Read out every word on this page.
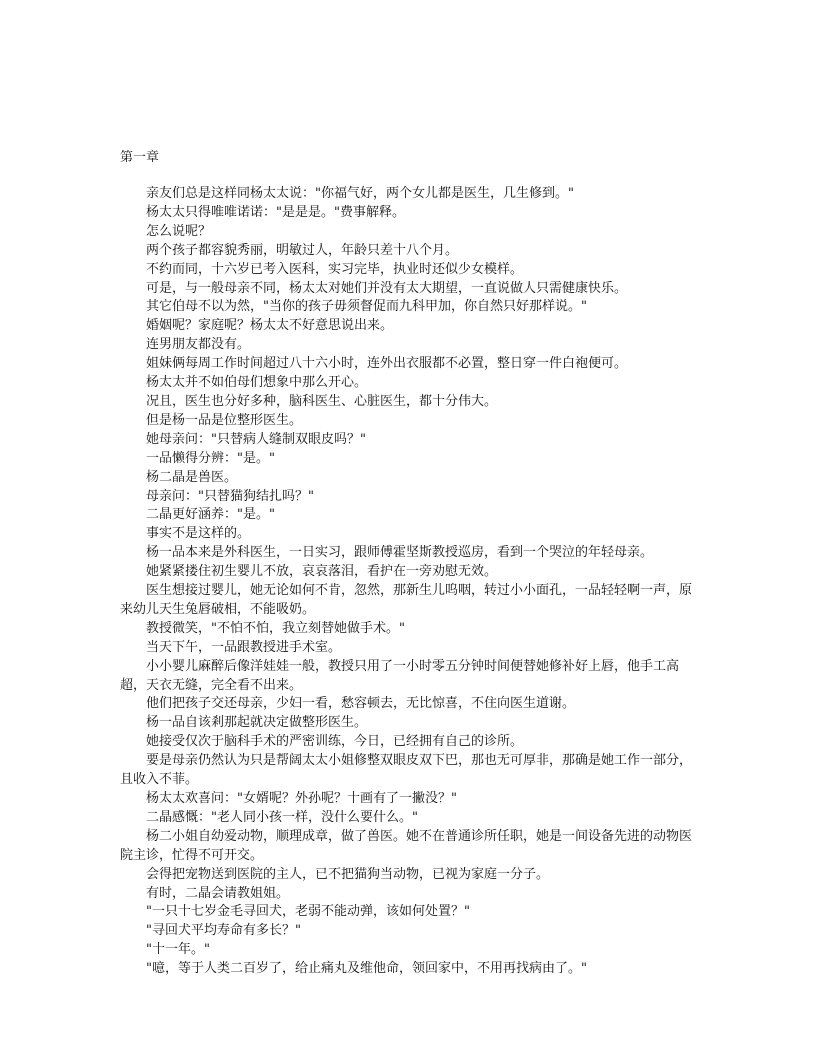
第一章

亲友们总是这样同杨太太说："你福气好，两个女儿都是医生，几生修到。"

杨太太只得唯唯诺诺："是是是。"费事解释。

怎么说呢？

两个孩子都容貌秀丽，明敏过人，年龄只差十八个月。

不约而同，十六岁已考入医科，实习完毕，执业时还似少女模样。

可是，与一般母亲不同，杨太太对她们并没有太大期望，一直说做人只需健康快乐。

其它伯母不以为然，"当你的孩子毋须督促而九科甲加，你自然只好那样说。"

婚姻呢？家庭呢？杨太太不好意思说出来。

连男朋友都没有。

姐妹俩每周工作时间超过八十六小时，连外出衣服都不必置，整日穿一件白袍便可。

杨太太并不如伯母们想象中那么开心。

况且，医生也分好多种，脑科医生、心脏医生，都十分伟大。

但是杨一品是位整形医生。

她母亲问："只替病人缝制双眼皮吗？"

一品懒得分辨："是。"

杨二晶是兽医。

母亲问："只替猫狗结扎吗？"

二晶更好涵养："是。"

事实不是这样的。

杨一品本来是外科医生，一日实习，跟师傅霍坚斯教授巡房，看到一个哭泣的年轻母亲。

她紧紧搂住初生婴儿不放，哀哀落泪，看护在一旁劝慰无效。

医生想接过婴儿，她无论如何不肯，忽然，那新生儿呜咽，转过小小面孔，一品轻轻啊一声，原来幼儿天生兔唇破相，不能吸奶。

教授微笑，"不怕不怕，我立刻替她做手术。"

当天下午，一品跟教授进手术室。

小小婴儿麻醉后像洋娃娃一般，教授只用了一小时零五分钟时间便替她修补好上唇，他手工高超，天衣无缝，完全看不出来。

他们把孩子交还母亲，少妇一看，愁容顿去，无比惊喜，不住向医生道谢。

杨一品自该剎那起就决定做整形医生。

她接受仅次于脑科手术的严密训练，今日，已经拥有自己的诊所。

要是母亲仍然认为只是帮阔太太小姐修整双眼皮双下巴，那也无可厚非，那确是她工作一部分，且收入不菲。

杨太太欢喜问："女婿呢？外孙呢？十画有了一撇没？"

二晶感慨："老人同小孩一样，没什么要什么。"

杨二小姐自幼爱动物，顺理成章，做了兽医。她不在普通诊所任职，她是一间设备先进的动物医院主诊，忙得不可开交。

会得把宠物送到医院的主人，已不把猫狗当动物，已视为家庭一分子。

有时，二晶会请教姐姐。

"一只十七岁金毛寻回犬，老弱不能动弹，该如何处置？"

"寻回犬平均寿命有多长？"

"十一年。"

"噫，等于人类二百岁了，给止痛丸及维他命，领回家中，不用再找病由了。"
